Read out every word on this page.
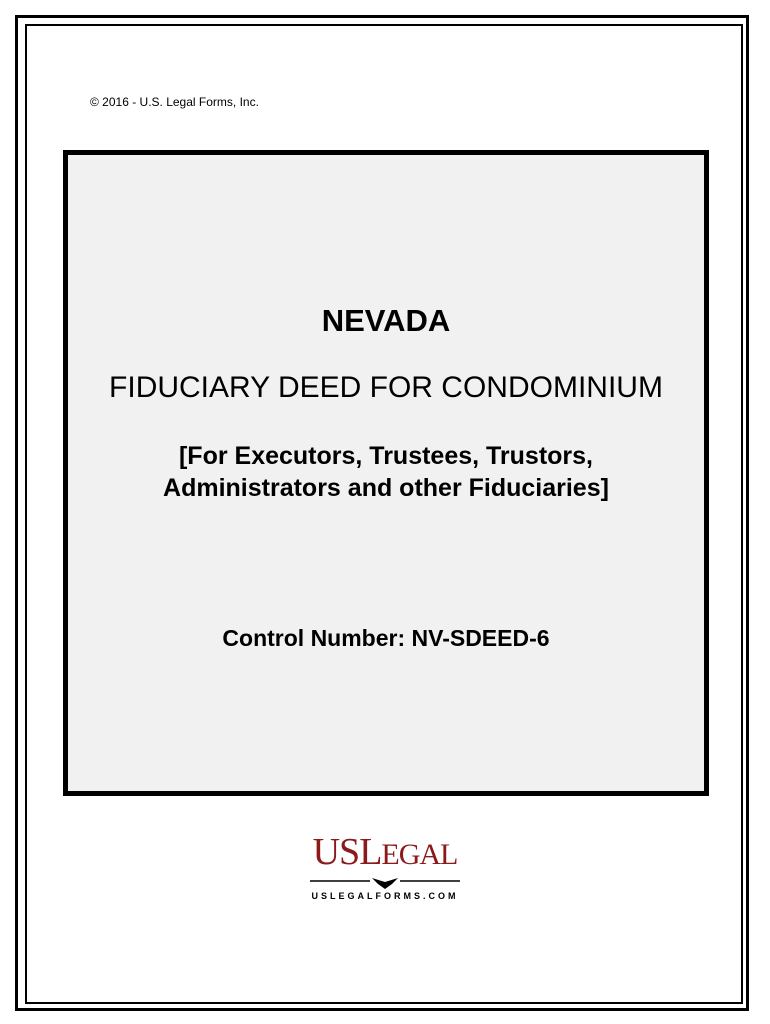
© 2016 - U.S. Legal Forms, Inc.
NEVADA
FIDUCIARY DEED FOR CONDOMINIUM
[For Executors, Trustees, Trustors,
Administrators and other Fiduciaries]
Control Number: NV-SDEED-6
USLEGAL
USLEGALFORMS.COM
